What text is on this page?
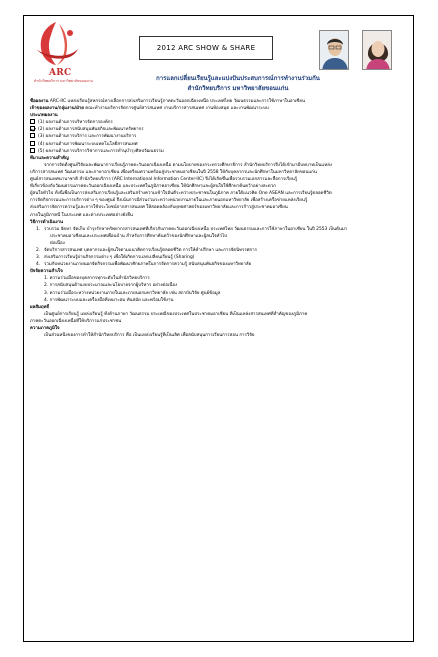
ARC
สำนักวิทยบริการ มหาวิทยาลัยขอนแก่น
2012 ARC SHOW & SHARE
การแลกเปลี่ยนเรียนรู้และแบ่งปันประสบการณ์การทำงานร่วมกัน
สำนักวิทยบริการ มหาวิทยาลัยขอนแก่น
ชื่อผลงาน ARC-IIC แหล่งเรียนรู้สหกรณ์ทางเลือกการส่งเสริมการเรียนรู้ภาคตะวันออกเฉียงเหนือ ประเทศไทย วัฒนธรรมและการใช้ภาษาในอาเซียน
เจ้าของผลงาน/กลุ่มงาน/ฝ่าย คณะทำงานบริหารจัดการศูนย์สารสนเทศ งานบริการสารสนเทศ งานห้องสมุด และงานพัฒนาระบบ
ประเภทผลงาน
(1) ผลงานด้านการบริหารจัดการองค์กร
(2) ผลงานด้านการสนับสนุนพันธกิจและพัฒนาทรัพยากร
(3) ผลงานด้านการบริการ และการพัฒนางานบริการ
(4) ผลงานด้านการพัฒนาระบบเทคโนโลยีสารสนเทศ
(5) ผลงานด้านการบริการวิชาการและการทำนุบำรุงศิลปวัฒนธรรม
ที่มาและความสำคัญ
จากการจัดตั้งศูนย์วิจัยและพัฒนาการเรียนรู้ภาคตะวันออกเฉียงเหนือ ตามนโยบายของกระทรวงศึกษาธิการ สำนักวิทยบริการจึงได้เข้ามามีบทบาทเป็นแหล่ง
บริการสารสนเทศ วัฒนธรรม และภาษาอาเซียน เพื่อเตรียมความพร้อมสู่ประชาคมอาเซียนในปี 2558 ให้กับบุคลากรและนักศึกษาในมหาวิทยาลัยขอนแก่น
ศูนย์สารสนเทศนานาชาติ สำนักวิทยบริการ (ARC International Information Center-IIC) จึงได้เกิดขึ้นเพื่อรวบรวมเอกสารและสื่อการเรียนรู้
ที่เกี่ยวข้องกับวัฒนธรรมภาคตะวันออกเฉียงเหนือ และประเทศในภูมิภาคอาเซียน ให้นักศึกษาและผู้สนใจใช้ศึกษาค้นคว้าอย่างสะดวก
ผู้สนใจทั่วไป ทั้งนี้เพื่อเป็นการส่งเสริมการเรียนรู้และเสริมสร้างความเข้าใจอันดีระหว่างประชาชนในภูมิภาค ภายใต้แนวคิด One ASEAN และการเรียนรู้ตลอดชีวิต
การจัดกิจกรรมและการบริการต่าง ๆ ของศูนย์ จึงเน้นการมีส่วนร่วมระหว่างหน่วยงานภายในและภายนอกมหาวิทยาลัย เพื่อสร้างเครือข่ายแหล่งเรียนรู้
ส่งเสริมการจัดการความรู้และการใช้ประโยชน์จากสารสนเทศ ให้สอดคล้องกับยุทธศาสตร์ของมหาวิทยาลัยและการก้าวสู่ประชาคมอาเซียน
ภายในภูมิภาคนี้ ในประเทศ และต่างประเทศอย่างยั่งยืน
วิธีการดำเนินงาน
1. รวบรวม จัดหา จัดเก็บ บำรุงรักษาทรัพยากรสารสนเทศที่เกี่ยวกับภาคตะวันออกเฉียงเหนือ ประเทศไทย วัฒนธรรมและการใช้ภาษาในอาเซียน ในปี 2553 เป็นต้นมา
ประชาคมอาเซียนและประเทศเพื่อนบ้าน สำหรับการศึกษาค้นคว้าของนักศึกษาและผู้สนใจทั่วไป
ต่อเนื่อง
2. จัดบริการสารสนเทศ บุคลากรและผู้สนใจตามแนวคิดการเรียนรู้ตลอดชีวิต การให้คำปรึกษา และการจัดนิทรรศการ
3. ส่งเสริมการเรียนรู้ผ่านกิจกรรมต่าง ๆ เพื่อให้เกิดการแลกเปลี่ยนเรียนรู้ (Sharing)
4. ร่วมกับหน่วยงานภายนอกจัดกิจกรรมเพื่อพัฒนาศักยภาพในการจัดการความรู้ สนับสนุนพันธกิจของมหาวิทยาลัย
ปัจจัยความสำเร็จ
1. ความร่วมมือของบุคลากรทุกระดับในสำนักวิทยบริการ
2. การสนับสนุนด้านงบประมาณและนโยบายจากผู้บริหาร อย่างต่อเนื่อง
3. ความร่วมมือระหว่างหน่วยงานภายในและภายนอกมหาวิทยาลัย เช่น สถาบันวิจัย ศูนย์ข้อมูล
4. การพัฒนาระบบและเครื่องมือที่เหมาะสม ทันสมัย และพร้อมใช้งาน
ผลสัมฤทธิ์
เป็นศูนย์การเรียนรู้ แหล่งเรียนรู้ ทั้งด้านภาษา วัฒนธรรม ประเพณีของประเทศในประชาคมอาเซียน ที่เป็นแหล่งสารสนเทศที่สำคัญของภูมิภาค
ภาคตะวันออกเฉียงเหนือที่ให้บริการแก่ประชาชน
ความภาคภูมิใจ
เป็นส่วนหนึ่งของการทำให้สำนักวิทยบริการ คือ เป็นแหล่งเรียนรู้ที่เป็นเลิศ เพื่อสนับสนุนการเรียนการสอน การวิจัย
